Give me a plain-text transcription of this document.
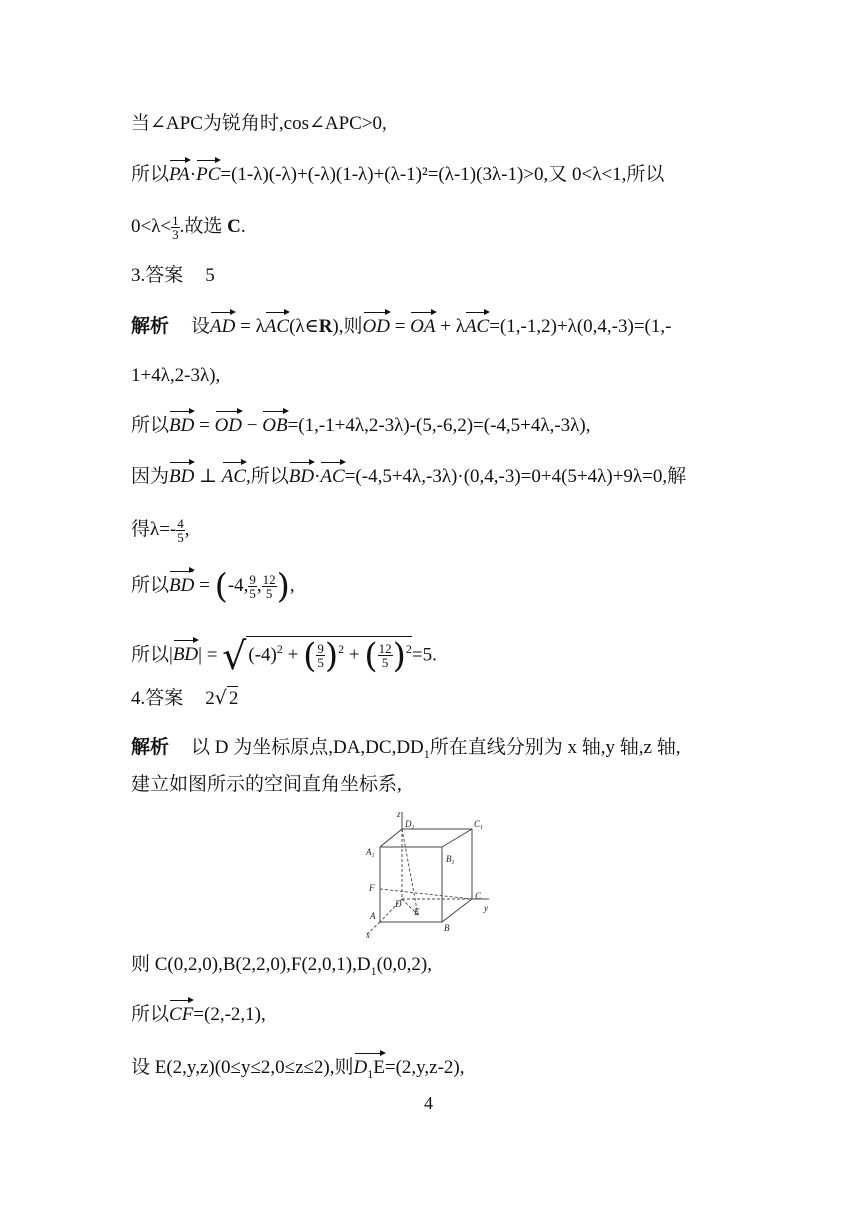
当∠APC为锐角时,cos∠APC>0,
所以PA·PC=(1-λ)(-λ)+(-λ)(1-λ)+(λ-1)²=(λ-1)(3λ-1)>0,又 0<λ<1,所以
$0<\lambda< \frac{1}{3}$ .故选 C.
3.答案 5
解析 设AD = λAC(λ∈R),则OD = OA + λAC=(1,-1,2)+λ(0,4,-3)=(1,-
1+4λ,2-3λ),
所以BD = OD − OB=(1,-1+4λ,2-3λ)-(5,-6,2)=(-4,5+4λ,-3λ),
因为BD ⊥ AC,所以BD·AC=(-4,5+4λ,-3λ)·(0,4,-3)=0+4(5+4λ)+9λ=0,解
得$\lambda=- \frac{4}{5}$ ,
所以BD = (-4, $\frac{9}{5}$ , $\frac{12}{5}$ ),
所以|BD| = √ $(-4)^2$ + ( $\frac{9}{5} )^2$ + ( $\frac{12}{5} )^2=5$.
4.答案 2√ 2
解析 以 D 为坐标原点$,DA,DC,DD_1$所在直线分别为 x 轴,y 轴,z 轴,
建立如图所示的空间直角坐标系,
z
$D_1$	$C_1$
$A_1$	$B_1$
F
D
C
y
A	E
B
x
则 $C(0,2,0),B(2,2,0),F(2,0,1),D_1(0,0,2)$,
所以CF=(2,-2,1),
设 E(2,y,z)(0≤y≤2,0≤z≤2),则$D_1E=(2,y,z-2)$,
4
